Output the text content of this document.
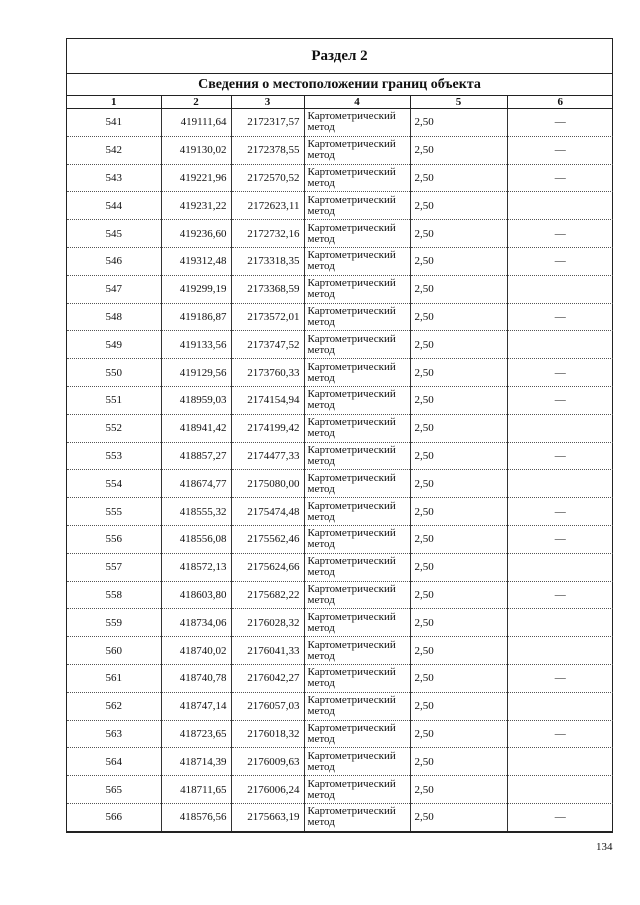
Раздел 2
Сведения о местоположении границ объекта
1	2	3	4	5	6
541	419111,64	2172317,57	Картометрический метод	2,50	—
542	419130,02	2172378,55	Картометрический метод	2,50	—
543	419221,96	2172570,52	Картометрический метод	2,50	—
544	419231,22	2172623,11	Картометрический метод	2,50	
545	419236,60	2172732,16	Картометрический метод	2,50	—
546	419312,48	2173318,35	Картометрический метод	2,50	—
547	419299,19	2173368,59	Картометрический метод	2,50	
548	419186,87	2173572,01	Картометрический метод	2,50	—
549	419133,56	2173747,52	Картометрический метод	2,50	
550	419129,56	2173760,33	Картометрический метод	2,50	—
551	418959,03	2174154,94	Картометрический метод	2,50	—
552	418941,42	2174199,42	Картометрический метод	2,50	
553	418857,27	2174477,33	Картометрический метод	2,50	—
554	418674,77	2175080,00	Картометрический метод	2,50	
555	418555,32	2175474,48	Картометрический метод	2,50	—
556	418556,08	2175562,46	Картометрический метод	2,50	—
557	418572,13	2175624,66	Картометрический метод	2,50	
558	418603,80	2175682,22	Картометрический метод	2,50	—
559	418734,06	2176028,32	Картометрический метод	2,50	
560	418740,02	2176041,33	Картометрический метод	2,50	
561	418740,78	2176042,27	Картометрический метод	2,50	—
562	418747,14	2176057,03	Картометрический метод	2,50	
563	418723,65	2176018,32	Картометрический метод	2,50	—
564	418714,39	2176009,63	Картометрический метод	2,50	
565	418711,65	2176006,24	Картометрический метод	2,50	
566	418576,56	2175663,19	Картометрический метод	2,50	—
134
